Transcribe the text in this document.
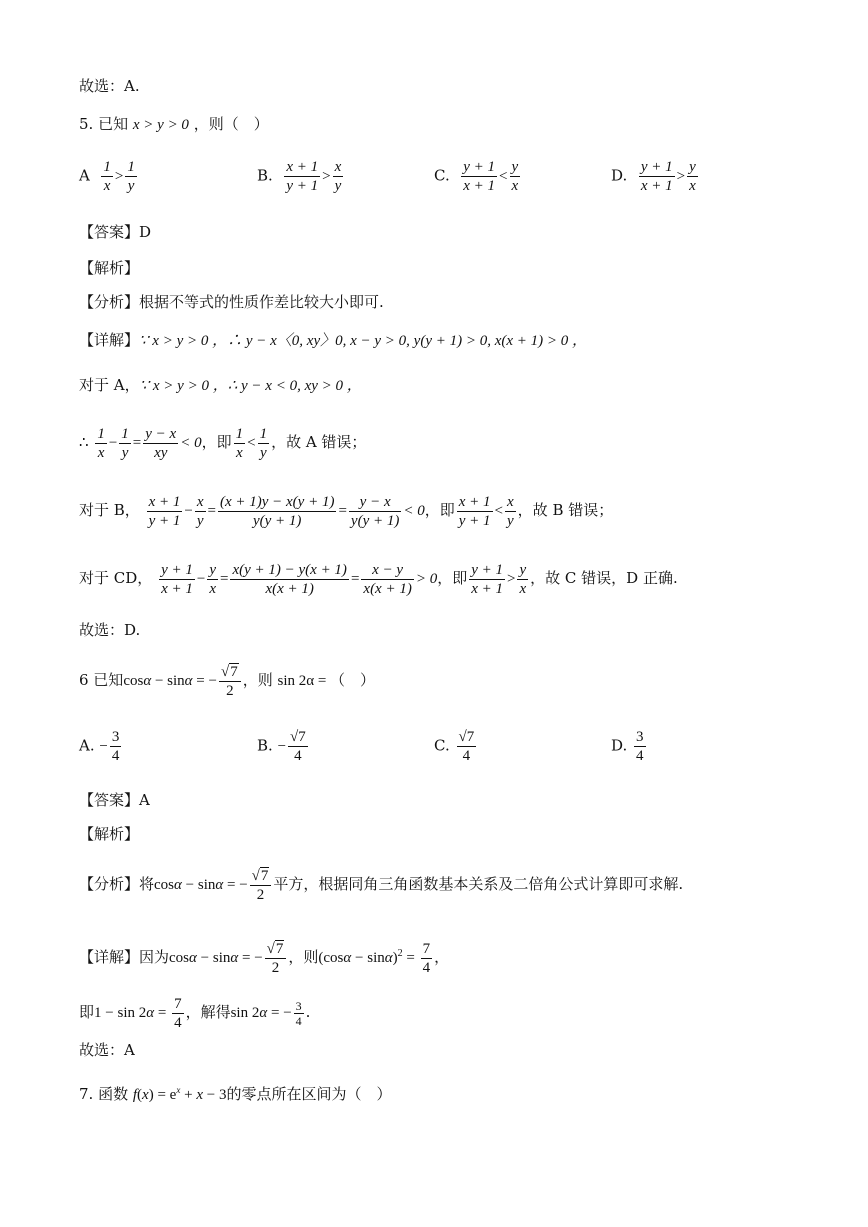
故选：A.
5. 已知 x > y > 0 ，则（　）
A $\frac{1}{x} > \frac{1}{y}$	B. $\frac{x + 1}{y + 1} > \frac{x}{y}$	C. $\frac{y + 1}{x + 1} < \frac{y}{x}$	D. $\frac{y + 1}{x + 1} > \frac{y}{x}$
【答案】D
【解析】
【分析】根据不等式的性质作差比较大小即可.
【详解】∵ x > y > 0 ，∴ y − x〈0, xy〉0, x − y > 0, y(y + 1) > 0, x(x + 1) > 0 ，
对于 A，∵ x > y > 0 ，∴ y − x < 0, xy > 0 ，
∴ $\frac{1}{x} - \frac{1}{y} = \frac{y - x}{xy} < 0$，即 $\frac{1}{x} < \frac{1}{y}$ ，故 A 错误；
对于 B， $\frac{x + 1}{y + 1} - \frac{x}{y} = \frac{(x + 1)y - x(y + 1)}{y(y + 1)} = \frac{y - x}{y(y + 1)} < 0$，即 $\frac{x + 1}{y + 1} < \frac{x}{y}$ ，故 B 错误；
对于 CD， $\frac{y + 1}{x + 1} - \frac{y}{x} = \frac{x(y + 1) - y(x + 1)}{x(x + 1)} = \frac{x - y}{x(x + 1)} > 0$，即 $\frac{y + 1}{x + 1} > \frac{y}{x}$ ，故 C 错误，D 正确.
故选：D.
6 已知cosα − sinα = − $\frac{√7}{2}$ ，则 sin 2α = （　）
A. − $\frac{3}{4}$	B. − $\frac{√7}{4}$	C. $\frac{√7}{4}$	D. $\frac{3}{4}$
【答案】A
【解析】
【分析】将cosα − sinα = − $\frac{√7}{2}$ 平方，根据同角三角函数基本关系及二倍角公式计算即可求解.
【详解】因为cosα − sinα = − $\frac{√7}{2}$ ，则$(\cos\alpha - \sin\alpha)^2 = \frac{7}{4}$ ，
即$1 - \sin 2\alpha = \frac{7}{4}$ ，解得sin 2α = − $\frac{3}{4}$ .
故选：A
7. 函数 $f(x) = e^x + x - 3$的零点所在区间为（　）
